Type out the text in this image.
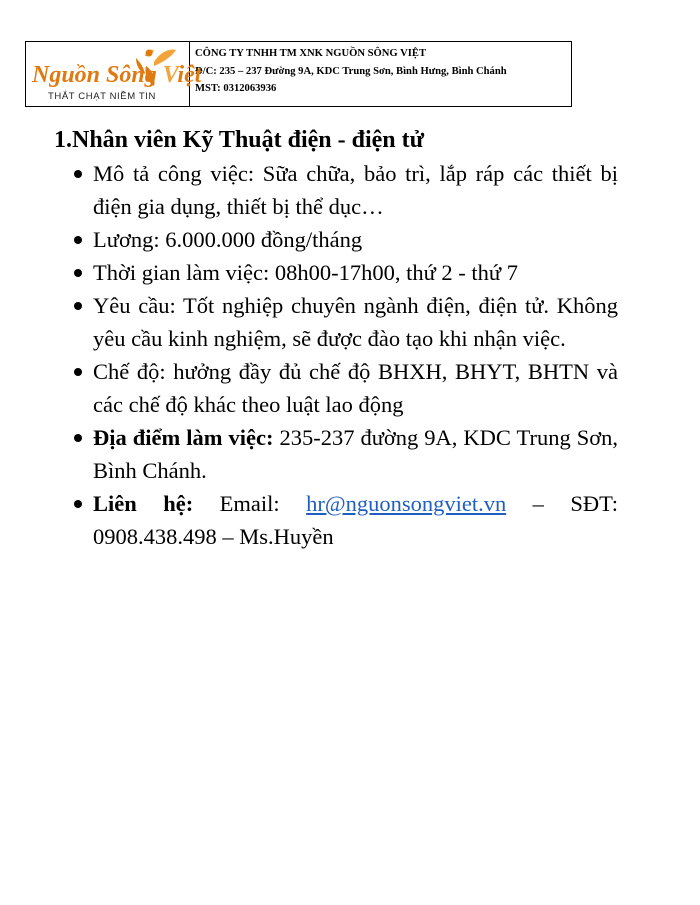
Nguồn Sông Việt
THẮT CHẠT NIỀM TIN
CÔNG TY TNHH TM XNK NGUỒN SÔNG VIỆT
Đ/C: 235 – 237 Đường 9A, KDC Trung Sơn, Bình Hưng, Bình Chánh
MST: 0312063936
1.Nhân viên Kỹ Thuật điện - điện tử
Mô tả công việc: Sữa chữa, bảo trì, lắp ráp các thiết bị điện gia dụng, thiết bị thể dục…
Lương: 6.000.000 đồng/tháng
Thời gian làm việc: 08h00-17h00, thứ 2 - thứ 7
Yêu cầu: Tốt nghiệp chuyên ngành điện, điện tử. Không yêu cầu kinh nghiệm, sẽ được đào tạo khi nhận việc.
Chế độ: hưởng đầy đủ chế độ BHXH, BHYT, BHTN và các chế độ khác theo luật lao động
Địa điểm làm việc: 235-237 đường 9A, KDC Trung Sơn, Bình Chánh.
Liên hệ: Email: hr@nguonsongviet.vn – SĐT: 0908.438.498 – Ms.Huyền
